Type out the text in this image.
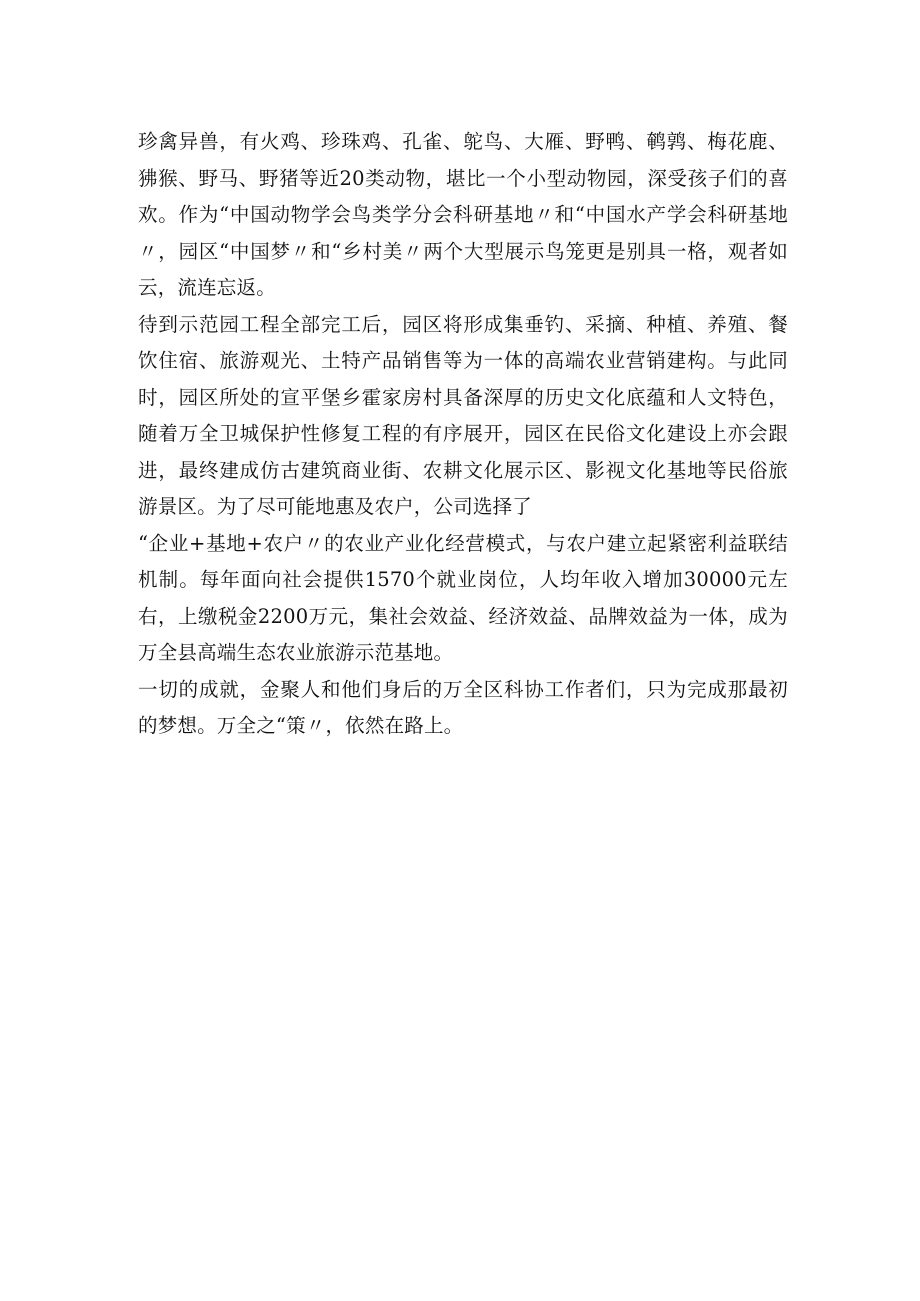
珍禽异兽，有火鸡、珍珠鸡、孔雀、鸵鸟、大雁、野鸭、鹌鹑、梅花鹿、狒猴、野马、野猪等近20类动物，堪比一个小型动物园，深受孩子们的喜欢。作为“中国动物学会鸟类学分会科研基地〃和“中国水产学会科研基地〃，园区“中国梦〃和“乡村美〃两个大型展示鸟笼更是别具一格，观者如云，流连忘返。

待到示范园工程全部完工后，园区将形成集垂钓、采摘、种植、养殖、餐饮住宿、旅游观光、土特产品销售等为一体的高端农业营销建构。与此同时，园区所处的宣平堡乡霍家房村具备深厚的历史文化底蕴和人文特色，随着万全卫城保护性修复工程的有序展开，园区在民俗文化建设上亦会跟进，最终建成仿古建筑商业街、农耕文化展示区、影视文化基地等民俗旅游景区。为了尽可能地惠及农户，公司选择了

“企业+基地+农户〃的农业产业化经营模式，与农户建立起紧密利益联结机制。每年面向社会提供1570个就业岗位，人均年收入增加30000元左右，上缴税金2200万元，集社会效益、经济效益、品牌效益为一体，成为万全县高端生态农业旅游示范基地。

一切的成就，金聚人和他们身后的万全区科协工作者们，只为完成那最初的梦想。万全之“策〃，依然在路上。
